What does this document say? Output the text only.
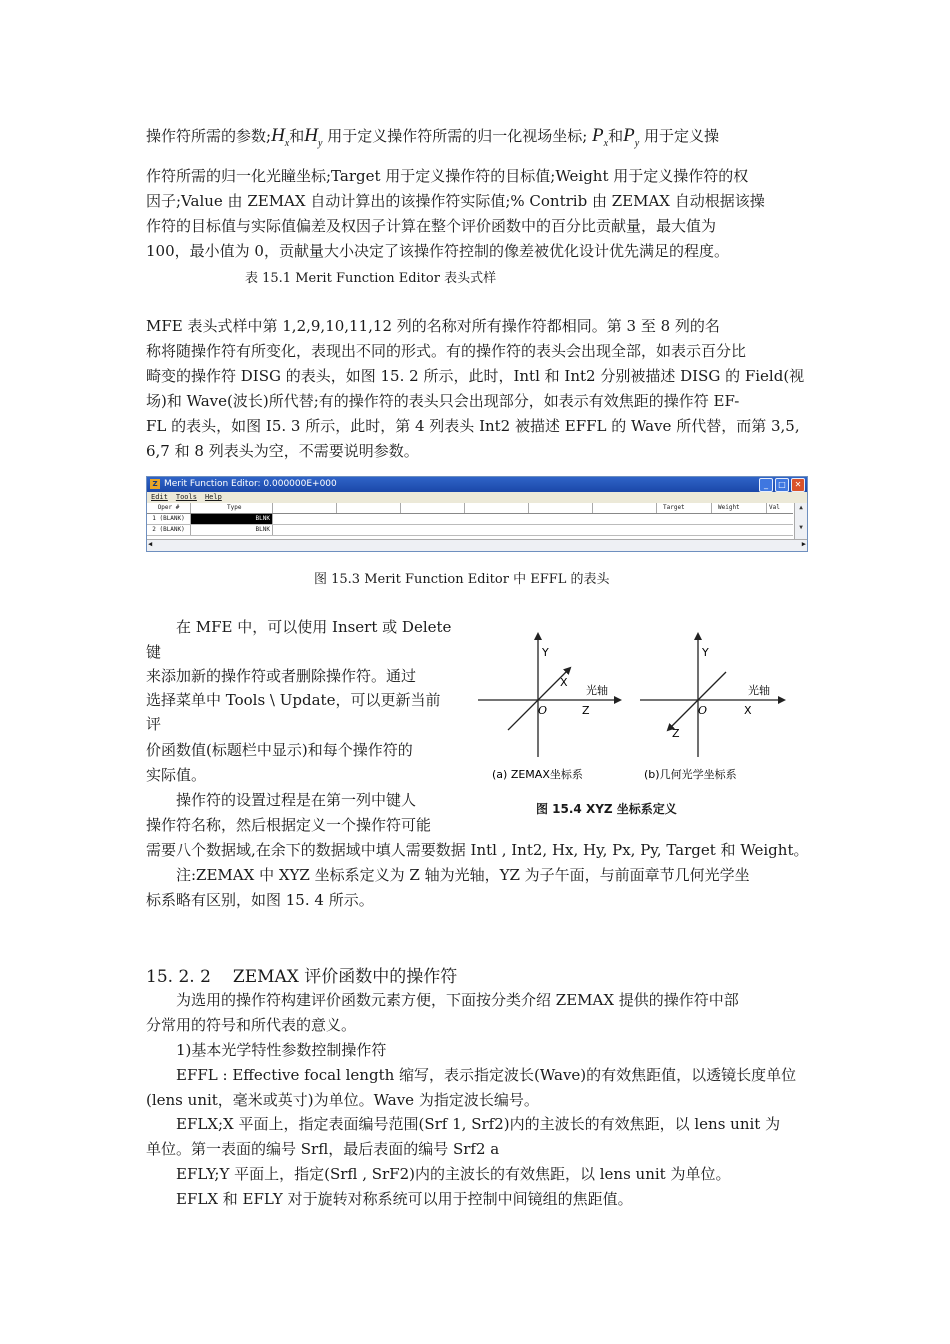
操作符所需的参数$;H_x$和$H_y$ 用于定义操作符所需的归一化视场坐标; $P_x$和$P_y$ 用于定义操
作符所需的归一化光瞳坐标;Target 用于定义操作符的目标值;Weight 用于定义操作符的权
因子;Value 由 ZEMAX 自动计算出的该操作符实际值;% Contrib 由 ZEMAX 自动根据该操
作符的目标值与实际值偏差及权因子计算在整个评价函数中的百分比贡献量，最大值为
100，最小值为 0，贡献量大小决定了该操作符控制的像差被优化设计优先满足的程度。
表 15.1 Merit Function Editor 表头式样
MFE 表头式样中第 1,2,9,10,11,12 列的名称对所有操作符都相同。第 3 至 8 列的名
称将随操作符有所变化，表现出不同的形式。有的操作符的表头会出现全部，如表示百分比
畸变的操作符 DISG 的表头，如图 15. 2 所示，此时，Intl 和 Int2 分别被描述 DISG 的 Field(视
场)和 Wave(波长)所代替;有的操作符的表头只会出现部分，如表示有效焦距的操作符 EF-
FL 的表头，如图 I5. 3 所示，此时，第 4 列表头 Int2 被描述 EFFL 的 Wave 所代替，而第 3,5,
6,7 和 8 列表头为空，不需要说明参数。
Z Merit Function Editor: 0.000000E+000	_ □ ✕
Edit Tools Help
Oper #	Type	Target	Weight	Val
1 (BLANK)	BLNK
2 (BLANK)	BLNK
▲
▼
◀	▶
图 15.3 Merit Function Editor 中 EFFL 的表头
在 MFE 中，可以使用 Insert 或 Delete
键
来添加新的操作符或者删除操作符。通过
选择菜单中 Tools \ Update，可以更新当前
评
价函数值(标题栏中显示)和每个操作符的
实际值。
操作符的设置过程是在第一列中键人
操作符名称，然后根据定义一个操作符可能
Y
X
O	Z
光轴
(a) ZEMAX坐标系
Y
O	X
Z
光轴
(b)几何光学坐标系
图 15.4 XYZ 坐标系定义
需要八个数据域,在余下的数据域中填人需要数据 Intl , Int2, Hx, Hy, Px, Py, Target 和 Weight。
注:ZEMAX 中 XYZ 坐标系定义为 Z 轴为光轴，YZ 为子午面，与前面章节几何光学坐
标系略有区别，如图 15. 4 所示。
15. 2. 2 ZEMAX 评价函数中的操作符
为选用的操作符构建评价函数元素方便，下面按分类介绍 ZEMAX 提供的操作符中部
分常用的符号和所代表的意义。
1)基本光学特性参数控制操作符
EFFL : Effective focal length 缩写，表示指定波长(Wave)的有效焦距值，以透镜长度单位
(lens unit，毫米或英寸)为单位。Wave 为指定波长编号。
EFLX;X 平面上，指定表面编号范围(Srf 1, Srf2)内的主波长的有效焦距，以 lens unit 为
单位。第一表面的编号 Srfl，最后表面的编号 Srf2 a
EFLY;Y 平面上，指定(Srfl , SrF2)内的主波长的有效焦距，以 lens unit 为单位。
EFLX 和 EFLY 对于旋转对称系统可以用于控制中间镜组的焦距值。
